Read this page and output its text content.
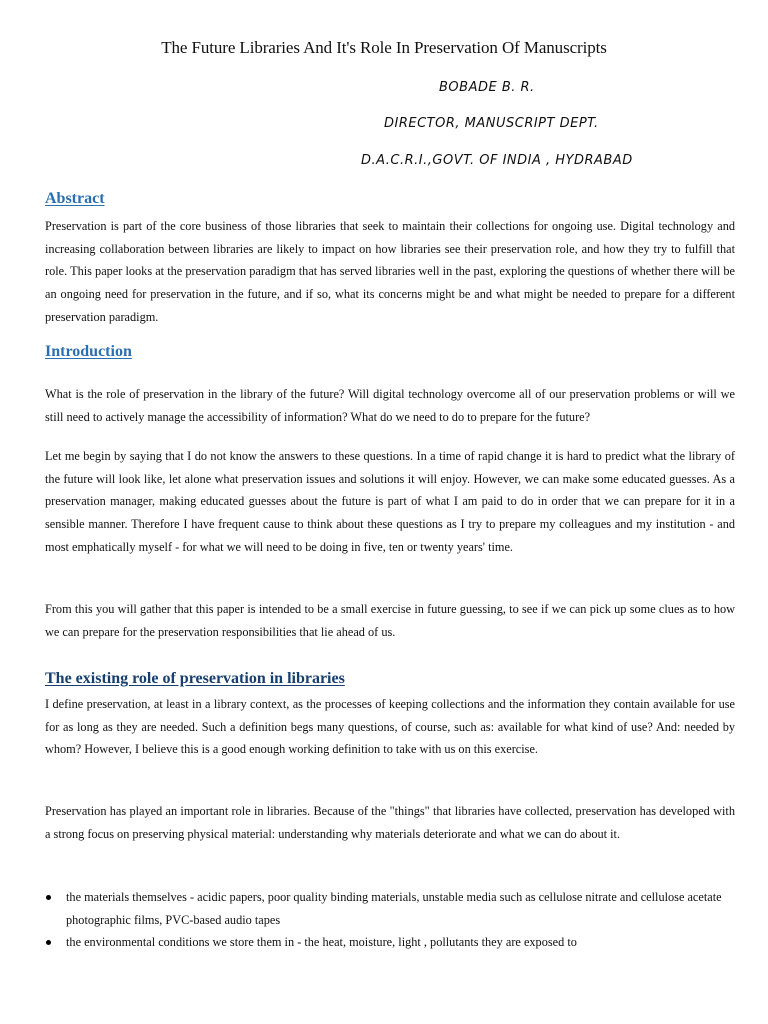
The Future Libraries And It's Role In Preservation Of Manuscripts
BOBADE B. R.
DIRECTOR, MANUSCRIPT DEPT.
D.A.C.R.I.,GOVT. OF INDIA , HYDRABAD
Abstract
Preservation is part of the core business of those libraries that seek to maintain their collections for ongoing use. Digital technology and increasing collaboration between libraries are likely to impact on how libraries see their preservation role, and how they try to fulfill that role. This paper looks at the preservation paradigm that has served libraries well in the past, exploring the questions of whether there will be an ongoing need for preservation in the future, and if so, what its concerns might be and what might be needed to prepare for a different preservation paradigm.
Introduction
What is the role of preservation in the library of the future? Will digital technology overcome all of our preservation problems or will we still need to actively manage the accessibility of information? What do we need to do to prepare for the future?
Let me begin by saying that I do not know the answers to these questions. In a time of rapid change it is hard to predict what the library of the future will look like, let alone what preservation issues and solutions it will enjoy. However, we can make some educated guesses. As a preservation manager, making educated guesses about the future is part of what I am paid to do in order that we can prepare for it in a sensible manner. Therefore I have frequent cause to think about these questions as I try to prepare my colleagues and my institution - and most emphatically myself - for what we will need to be doing in five, ten or twenty years' time.
From this you will gather that this paper is intended to be a small exercise in future guessing, to see if we can pick up some clues as to how we can prepare for the preservation responsibilities that lie ahead of us.
The existing role of preservation in libraries
I define preservation, at least in a library context, as the processes of keeping collections and the information they contain available for use for as long as they are needed. Such a definition begs many questions, of course, such as: available for what kind of use? And: needed by whom? However, I believe this is a good enough working definition to take with us on this exercise.
Preservation has played an important role in libraries. Because of the "things" that libraries have collected, preservation has developed with a strong focus on preserving physical material: understanding why materials deteriorate and what we can do about it.
the materials themselves - acidic papers, poor quality binding materials, unstable media such as cellulose nitrate and cellulose acetate photographic films, PVC-based audio tapes
the environmental conditions we store them in - the heat, moisture, light , pollutants they are exposed to
